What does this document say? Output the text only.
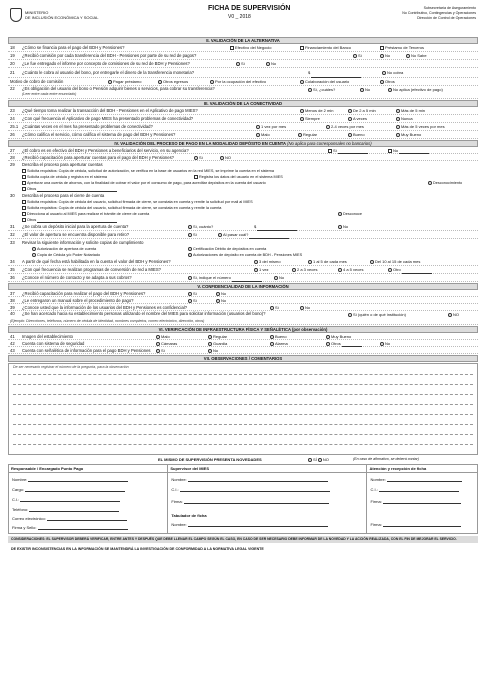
MINISTERIO
DE INCLUSIÓN ECONÓMICA Y SOCIAL
FICHA DE SUPERVISIÓN
V0 _ 2018
Subsecretaría de Aseguramiento
No Contributivo, Contingencias y Operaciones
Dirección de Control de Operaciones
II. VALIDACIÓN DE LA ALTERNATIVA
18 ¿Cómo se financia para el pago del BDH y Pensiones?	Efectivo del Negocio	Financiamiento del Banco	Préstamo de Terceros
19 ¿Recibió comisión por cada transferencia del BDH - Pensiones por parte de su red de pagos?	Sí	No	No Sabe
20 ¿Le fue entregado el informe por concepto de comisiones de su red de BDH y Pensiones?	Sí	No
21 ¿Cuánto le cobra al usuario del bono, por entregarle el dinero de la transferencia monetaria?	$	No cobra
Motivo de cobro de comisión	Pagar préstamo	Otros egresos	Por la ocupación del efectivo	Colaboración del usuario	Otros
22 ¿Es obligación del usuario del bono o Pensión adquirir bienes o servicios, para cobrar su transferencia?
(Leer entre cada entre enunciado)
Sí, ¿cuáles?	No	No aplica (efectivo de pago)
III. VALIDACIÓN DE LA CONECTIVIDAD
23 ¿Qué tiempo toma realizar la transacción del BDH - Pensiones en el Aplicativo de pago MIES?	Menos de 2 min	De 2 a 5 min	Más de 5 min
24 ¿Con qué frecuencia el Aplicativo de pago MIES ha presentado problemas de conectividad?	Siempre	A veces	Nunca
25.1 ¿Cuántas veces en el mes ha presentado problemas de conectividad?	1 vez por mes	2-4 veces por mes	Más de 5 veces por mes
26 ¿Cómo califica el servicio, cómo califica el sistema de pago del BDH y Pensiones?	Malo	Regular	Bueno	Muy Bueno
IV. VALIDACIÓN DEL PROCESO DE PAGO EN LA MODALIDAD DEPÓSITO EN CUENTA (No aplica para corresponsales no bancarios)
27 ¿El cobro es en efectivo del BDH y Pensiones a beneficiarios del servicio, en su agencia?	Sí	No
28 ¿Recibió capacitación para aperturar cuentas para el pago del BDH y Pensiones?	Sí	NO
29 Describa el proceso para aperturar cuentas
Solicita requisitos: Copia de cédula, solicitud de autorización, se verifica en la base de usuarios en la red MIES, se imprime la cuenta en el sistema
Solicita copia de cédula y registra en el sistema	Registra los datos del usuario en el sistema MIES
Aperturar una cuenta de ahorros, con la finalidad de cobrar el valor por el consumo de pago, para acreditar depósitos en la cuenta del usuario	Desconocimiento
Otros
30 Describa el proceso para el cierre de cuenta
Solicita requisitos: Copia de cédula del usuario, solicitud firmada de cierre, se constata en cuenta y remite la solicitud por mail al MIES
Solicita requisitos: Copia de cédula del usuario, solicitud firmada de cierre, se constata en cuenta y remite la cuenta
Direcciona al usuario al MIES para realizar el trámite de cierre de cuenta	Desconoce
Otros
31 ¿Se cobra un depósito inicial para la apertura de cuenta?	Sí, cuánto?	$	No
32 ¿El valor de apertura se encuentra disponible para retiro?	Sí	Al pasar cuál?
33 Revisar la siguiente información y solicite copias de cumplimiento
Autorización de apertura de cuenta	Certificación Débito de depósitos en cuenta
Copia de Cédula y/o Poder Notariado	Autorizaciones de depósito en cuenta de BDH - Pensiones MIES
34 A partir de qué fecha está habilitada en la cuenta el valor del BDH y Pensiones?	3 del mismo	1 al 5 de cada mes	Del 10 al 15 de cada mes
35 ¿Con qué frecuencia se realizan programas de conversión de red a MIES?	1 vez	2 a 3 veces	4 a 5 veces	Otro
36 ¿Conoce el número de contacto y se adapta a sus cobros?	Sí, indique el número	No
V. CONFIDENCIALIDAD DE LA INFORMACIÓN
37 ¿Recibió capacitación para realizar el pago del BDH y Pensiones?	Sí	No
38 ¿Le entregaron un manual sobre el procedimiento de pago?	Sí	No
39 ¿Conoce usted que la información de los usuarios del BDH y Pensiones es confidencial?	Sí	No
40 ¿Se han acercado hacia su establecimiento personas utilizando el nombre del MIES para solicitar información (usuarios del bono)?	Sí (quién o de qué institución)	NO
(Ejemplo: Direcciones, teléfonos, número de cédula de identidad, nombres completos, correo electrónico, dirección, otros)
VI. VERIFICACIÓN DE INFRAESTRUCTURA FÍSICA Y SEÑALÉTICA (por observación)
41 Imagen del establecimiento	Malo	Regular	Bueno	Muy Bueno
42 Cuenta con sistema de seguridad	Cámaras	Guardia	Alarma	Otros	No
43 Cuenta con señalética de información para el pago BDH y Pensiones	Sí	No
VII. OBSERVACIONES / COMENTARIOS
De ser necesario registrar el número de la pregunta, para la observación
EL MISMO DE SUPERVISIÓN PRESENTA NOVEDADES	SÍ NO	(En caso de afirmativo, se deberá contar)
Responsable / Encargado Punto Pago
Nombre:
Cargo:
C.I.:
Teléfono:
Correo electrónico:
Firma y Sello:
Supervisor del MIES
Nombre:
C.I.:
Firma:
Tabulador de ficha
Nombre:
Atención y recepción de ficha
Nombre:
C.I.:
Firma:
Firma:
CONSIDERACIONES: EL SUPERVISOR DEBERÁ VERIFICAR, ENTRE ANTES Y DESPUÉS QUE DEBE LLENAR EL CAMPO SEGÚN EL CASO, EN CASO DE SER NECESARIO DEBE INFORMAR DE LA NOVEDAD Y LA ACCIÓN REALIZADA, CON EL FIN DE MEJORAR EL SERVICIO.
DE EXISTIR INCONSISTENCIAS EN LA INFORMACIÓN SE MANTENDRÁ LA INVESTIGACIÓN DE CONFORMIDAD A LA NORMATIVA LEGAL VIGENTE
